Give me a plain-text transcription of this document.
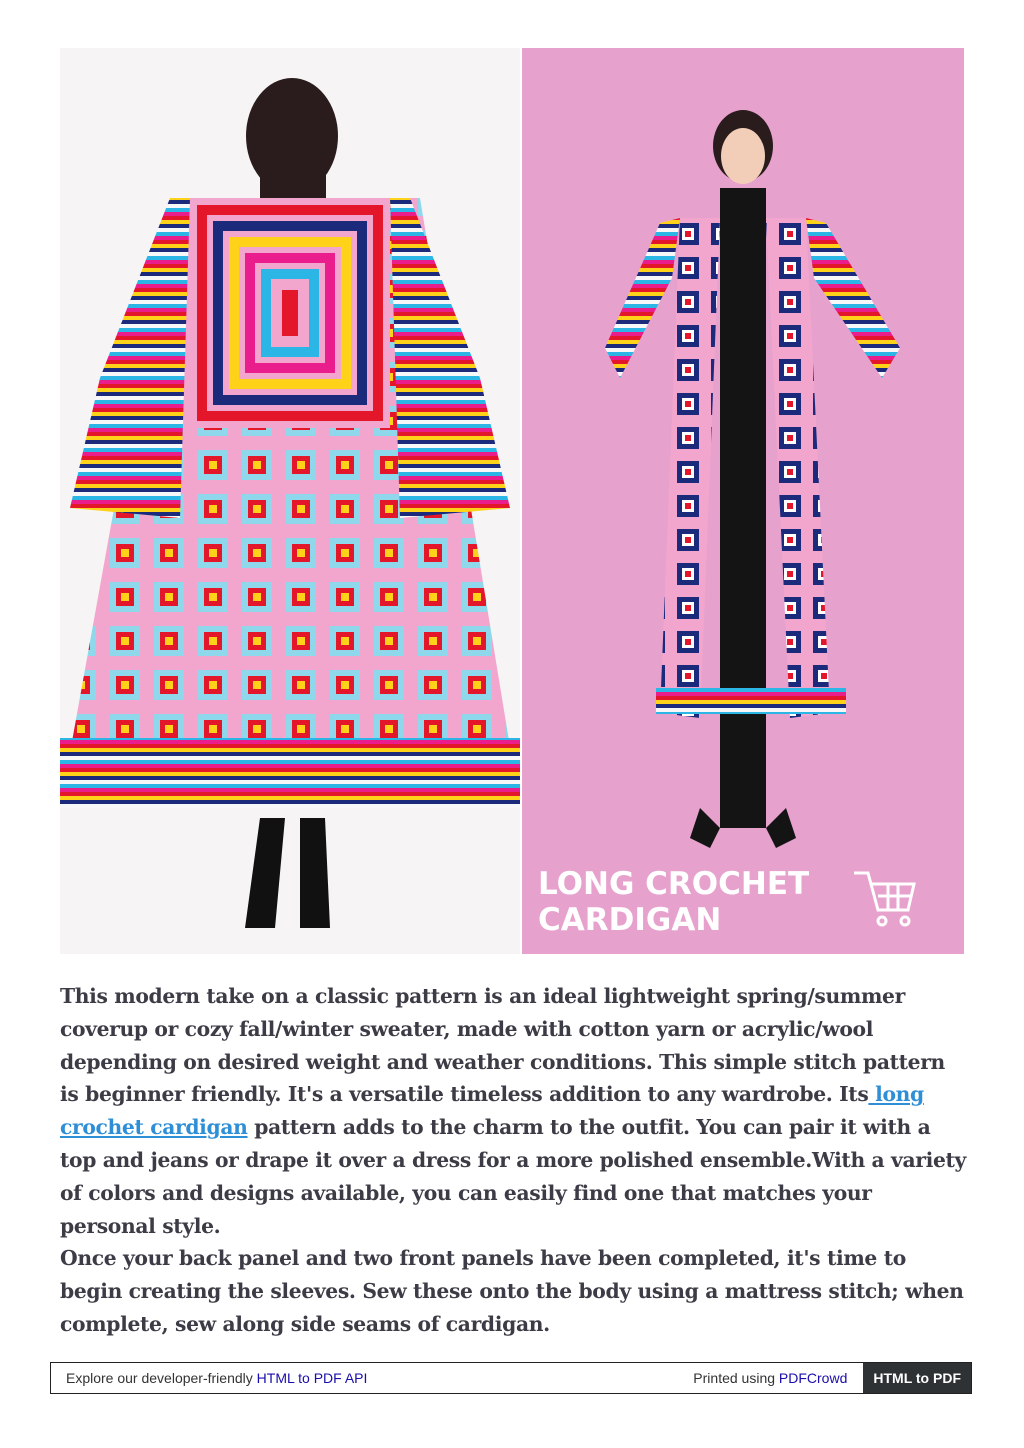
LONG CROCHET
CARDIGAN

This modern take on a classic pattern is an ideal lightweight spring/summer coverup or cozy fall/winter sweater, made with cotton yarn or acrylic/wool depending on desired weight and weather conditions. This simple stitch pattern is beginner friendly. It's a versatile timeless addition to any wardrobe. Its long crochet cardigan pattern adds to the charm to the outfit. You can pair it with a top and jeans or drape it over a dress for a more polished ensemble.With a variety of colors and designs available, you can easily find one that matches your personal style.

Once your back panel and two front panels have been completed, it's time to begin creating the sleeves. Sew these onto the body using a mattress stitch; when complete, sew along side seams of cardigan.

Explore our developer-friendly HTML to PDF API	Printed using PDFCrowd	HTML to PDF
